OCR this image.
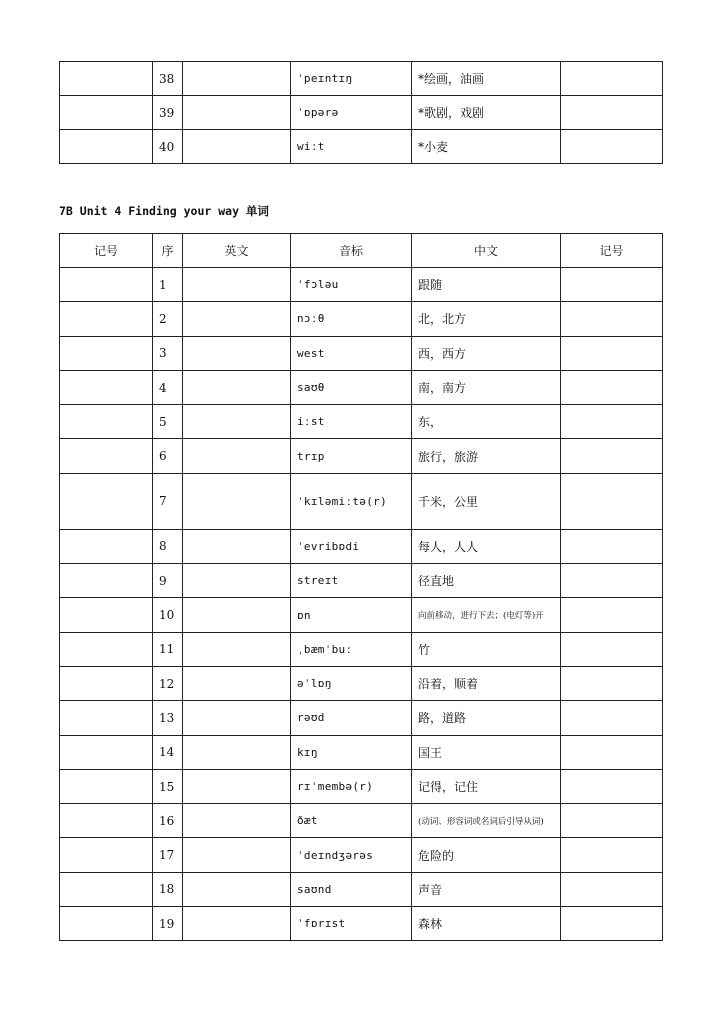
	38		ˈpeɪntɪŋ	*绘画，油画	
	39		ˈɒpərə	*歌剧，戏剧	
	40		wiːt	*小麦	
7B Unit 4 Finding your way 单词
记号	序	英文	音标	中文	记号
	1		ˈfɔləu	跟随	
	2		nɔːθ	北，北方	
	3		west	西，西方	
	4		saʊθ	南，南方	
	5		iːst	东，	
	6		trɪp	旅行，旅游	
	7		ˈkɪləmiːtə(r)	千米，公里	
	8		ˈevribɒdi	每人，人人	
	9		streɪt	径直地	
	10		ɒn	向前移动，进行下去；(电灯等)开	
	11		ˌbæmˈbuː	竹	
	12		əˈlɒŋ	沿着，顺着	
	13		rəʊd	路，道路	
	14		kɪŋ	国王	
	15		rɪˈmembə(r)	记得，记住	
	16		ðæt	(动词、形容词或名词后引导从词)	
	17		ˈdeɪndʒərəs	危险的	
	18		saʊnd	声音	
	19		ˈfɒrɪst	森林	
